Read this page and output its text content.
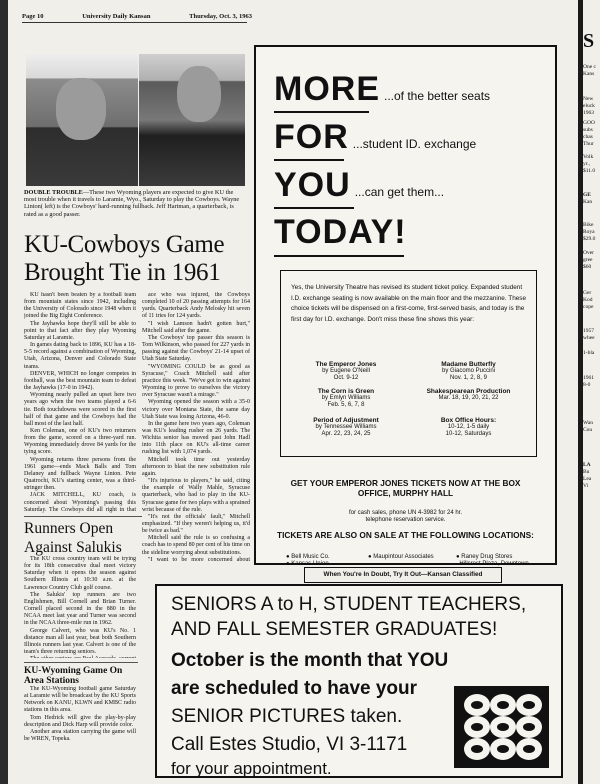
Page 10	University Daily Kansan	Thursday, Oct. 3, 1963
DOUBLE TROUBLE—These two Wyoming players are expected to give KU the most trouble when it travels to Laramie, Wyo., Saturday to play the Cowboys. Wayne Linton( left) is the Cowboys' hard-running fullback. Jeff Hartman, a quarterback, is rated as a good passer.
KU-Cowboys Game Brought Tie in 1961

KU hasn't been beaten by a football team from mountain states since 1942, including the University of Colorado since 1948 when it joined the Big Eight Conference.

The Jayhawks hope they'll still be able to point to that fact after they play Wyoming Saturday at Laramie.

In games dating back to 1896, KU has a 18-5-5 record against a combination of Wyoming, Utah, Arizona, Denver and Colorado State teams.

DENVER, WHICH no longer competes in football, was the best mountain team to defeat the Jayhawks (17-0 in 1942).

Wyoming nearly pulled an upset here two years ago when the two teams played a 6-6 tie. Both touchdowns were scored in the first half of that game and the Cowboys had the ball most of the last half.

Ken Coleman, one of KU's two returners from the game, scored on a three-yard run. Wyoming immediately drove 84 yards for the tying score.

Wyoming returns three persons from the 1961 game—ends Mack Balls and Tom Delaney and fullback Wayne Linton. Pete Quatrochi, KU's starting center, was a third-stringer then.

JACK MITCHELL, KU coach, is concerned about Wyoming's passing this Saturday. The Cowboys did all right in that

ace who was injured, the Cowboys completed 10 of 20 passing attempts for 164 yards. Quarterback Andy Melosky hit seven of 11 tries for 124 yards.

"I wish Lamson hadn't gotten hurt," Mitchell said after the game.

The Cowboys' top passer this season is Tom Wilkinson, who passed for 227 yards in passing against the Cowboys' 21-14 upset of Utah State Saturday.

"WYOMING COULD be as good as Syracuse," Coach Mitchell said after practice this week. "We've got to win against Wyoming to prove to ourselves the victory over Syracuse wasn't a mirage."

Wyoming opened the season with a 35-0 victory over Montana State, the same day Utah State was losing Arizona, 46-0.

In the game here two years ago, Coleman was KU's leading rusher on 26 yards. The Wichita senior has moved past John Hadl into 11th place on KU's all-time career rushing list with 1,074 yards.

Mitchell took time out yesterday afternoon to blast the new substitution rule again.

"It's injurious to players," he said, citing the example of Wally Mahle, Syracuse quarterback, who had to play in the KU-Syracuse game for two plays with a sprained wrist because of the rule.

"It's not the officials' fault," Mitchell emphasized. "If they weren't helping us, it'd be twice as bad."

Mitchell said the rule is so confusing a coach has to spend 80 per cent of his time on the sideline worrying about substitutions.

"I want to be more concerned about

Runners Open Against Salukis

The KU cross country team will be trying for its 18th consecutive dual meet victory Saturday when it opens the season against Southern Illinois at 10:30 a.m. at the Lawrence Country Club golf course.

The Salukis' top runners are two Englishmen, Bill Cornell and Brian Turner. Cornell placed second in the 880 in the NCAA meet last year and Turner was second in the NCAA three-mile run in 1962.

George Calvert, who was KU's No. 1 distance man all last year, beat both Southern Illinois runners last year. Calvert is one of the team's three returning seniors.

KU-Wyoming Game On Area Stations

The KU-Wyoming football game Saturday at Laramie will be broadcast by the KU Sports Network on KANU, KLWN and KMBC radio stations in this area.

Tom Hedrick will give the play-by-play description and Dick Harp will provide color.

Another area station carrying the game will be WREN, Topeka.

MORE ...of the better seats
FOR ...student ID. exchange
YOU ...can get them...
TODAY!
Yes, the University Theatre has revised its student ticket policy. Expanded student I.D. exchange seating is now available on the main floor and the mezzanine. These choice tickets will be dispensed on a first-come, first-served basis, and today is the first day for I.D. exchange. Don't miss these fine shows this year:
The Emperor Jones
by Eugene O'Neill
Oct. 9-12
Madame Butterfly
by Giacomo Puccini
Nov. 1, 2, 8, 9
The Corn is Green
by Emlyn Williams
Feb. 5, 6, 7, 8
Shakespearean Production
Mar. 18, 19, 20, 21, 22
Period of Adjustment
by Tennessee Williams
Apr. 22, 23, 24, 25
Box Office Hours:
10-12, 1-5 daily
10-12, Saturdays
GET YOUR EMPEROR JONES TICKETS NOW AT THE BOX OFFICE, MURPHY HALL
for cash sales, phone UN 4-3982 for 24 hr.
telephone reservation service.
TICKETS ARE ALSO ON SALE AT THE FOLLOWING LOCATIONS:
● Bell Music Co.
● Kansas Union
● Maupintour Associates	● Raney Drug Stores
Hillcrest Plaza, Downtown
When You're In Doubt, Try It Out—Kansan Classified
SENIORS A to H, STUDENT TEACHERS,
AND FALL SEMESTER GRADUATES!
October is the month that YOU
are scheduled to have your
SENIOR PICTURES taken.
Call Estes Studio, VI 3-1171
for your appointment.
S
One c
Kans
New
eluck
1963
GOO
subs
chas
Thur
Volk
yr.,
$11.0
GE
Kan
Bike
Roya
$29.0
Over
gree
$60
Ger
Kod
cope
1957
whee
1-bla
1961
8-0
Wan
Cou
LA
Bu
Lea
Vi
